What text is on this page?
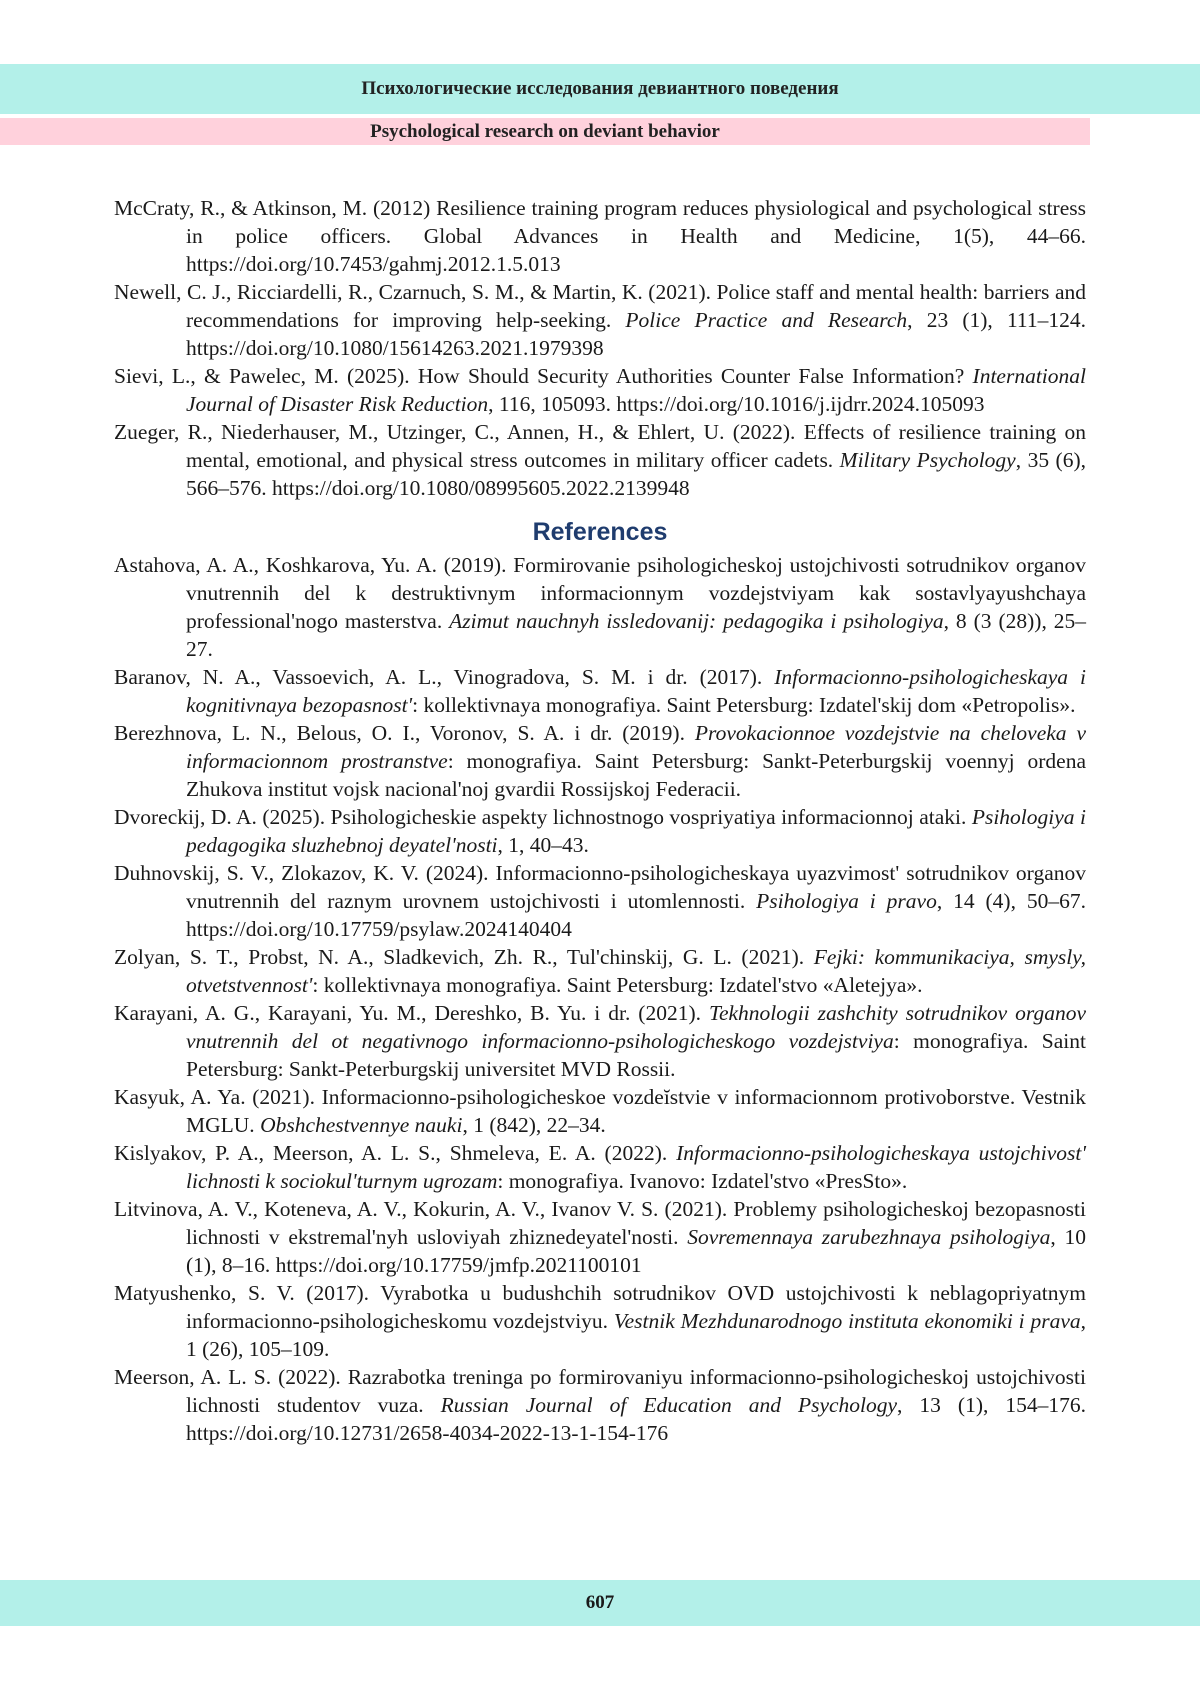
Психологические исследования девиантного поведения
Psychological research on deviant behavior

McCraty, R., & Atkinson, M. (2012) Resilience training program reduces physiological and psychological stress in police officers. Global Advances in Health and Medicine, 1(5), 44–66. https://doi.org/10.7453/gahmj.2012.1.5.013

Newell, C. J., Ricciardelli, R., Czarnuch, S. M., & Martin, K. (2021). Police staff and mental health: barriers and recommendations for improving help-seeking. Police Practice and Research, 23 (1), 111–124. https://doi.org/10.1080/15614263.2021.1979398

Sievi, L., & Pawelec, M. (2025). How Should Security Authorities Counter False Information? International Journal of Disaster Risk Reduction, 116, 105093. https://doi.org/10.1016/j.ijdrr.2024.105093

Zueger, R., Niederhauser, M., Utzinger, C., Annen, H., & Ehlert, U. (2022). Effects of resilience training on mental, emotional, and physical stress outcomes in military officer cadets. Military Psychology, 35 (6), 566–576. https://doi.org/10.1080/08995605.2022.2139948

References

Astahova, A. A., Koshkarova, Yu. A. (2019). Formirovanie psihologicheskoj ustojchivosti sotrudnikov organov vnutrennih del k destruktivnym informacionnym vozdejstviyam kak sostavlyayushchaya professional'nogo masterstva. Azimut nauchnyh issledovanij: pedagogika i psihologiya, 8 (3 (28)), 25–27.

Baranov, N. A., Vassoevich, A. L., Vinogradova, S. M. i dr. (2017). Informacionno-psihologicheskaya i kognitivnaya bezopasnost': kollektivnaya monografiya. Saint Petersburg: Izdatel'skij dom «Petropolis».

Berezhnova, L. N., Belous, O. I., Voronov, S. A. i dr. (2019). Provokacionnoe vozdejstvie na cheloveka v informacionnom prostranstve: monografiya. Saint Petersburg: Sankt-Peterburgskij voennyj ordena Zhukova institut vojsk nacional'noj gvardii Rossijskoj Federacii.

Dvoreckij, D. A. (2025). Psihologicheskie aspekty lichnostnogo vospriyatiya informacionnoj ataki. Psihologiya i pedagogika sluzhebnoj deyatel'nosti, 1, 40–43.

Duhnovskij, S. V., Zlokazov, K. V. (2024). Informacionno-psihologicheskaya uyazvimost' sotrudnikov organov vnutrennih del raznym urovnem ustojchivosti i utomlennosti. Psihologiya i pravo, 14 (4), 50–67. https://doi.org/10.17759/psylaw.2024140404

Zolyan, S. T., Probst, N. A., Sladkevich, Zh. R., Tul'chinskij, G. L. (2021). Fejki: kommunikaciya, smysly, otvetstvennost': kollektivnaya monografiya. Saint Petersburg: Izdatel'stvo «Aletejya».

Karayani, A. G., Karayani, Yu. M., Dereshko, B. Yu. i dr. (2021). Tekhnologii zashchity sotrudnikov organov vnutrennih del ot negativnogo informacionno-psihologicheskogo vozdejstviya: monografiya. Saint Petersburg: Sankt-Peterburgskij universitet MVD Rossii.

Kasyuk, A. Ya. (2021). Informacionno-psihologicheskoe vozdeĭstvie v informacionnom protivoborstve. Vestnik MGLU. Obshchestvennye nauki, 1 (842), 22–34.

Kislyakov, P. A., Meerson, A. L. S., Shmeleva, E. A. (2022). Informacionno-psihologicheskaya ustojchivost' lichnosti k sociokul'turnym ugrozam: monografiya. Ivanovo: Izdatel'stvo «PresSto».

Litvinova, A. V., Koteneva, A. V., Kokurin, A. V., Ivanov V. S. (2021). Problemy psihologicheskoj bezopasnosti lichnosti v ekstremal'nyh usloviyah zhiznedeyatel'nosti. Sovremennaya zarubezhnaya psihologiya, 10 (1), 8–16. https://doi.org/10.17759/jmfp.2021100101

Matyushenko, S. V. (2017). Vyrabotka u budushchih sotrudnikov OVD ustojchivosti k neblagopriyatnym informacionno-psihologicheskomu vozdejstviyu. Vestnik Mezhdunarodnogo instituta ekonomiki i prava, 1 (26), 105–109.

Meerson, A. L. S. (2022). Razrabotka treninga po formirovaniyu informacionno-psihologicheskoj ustojchivosti lichnosti studentov vuza. Russian Journal of Education and Psychology, 13 (1), 154–176. https://doi.org/10.12731/2658-4034-2022-13-1-154-176

607
